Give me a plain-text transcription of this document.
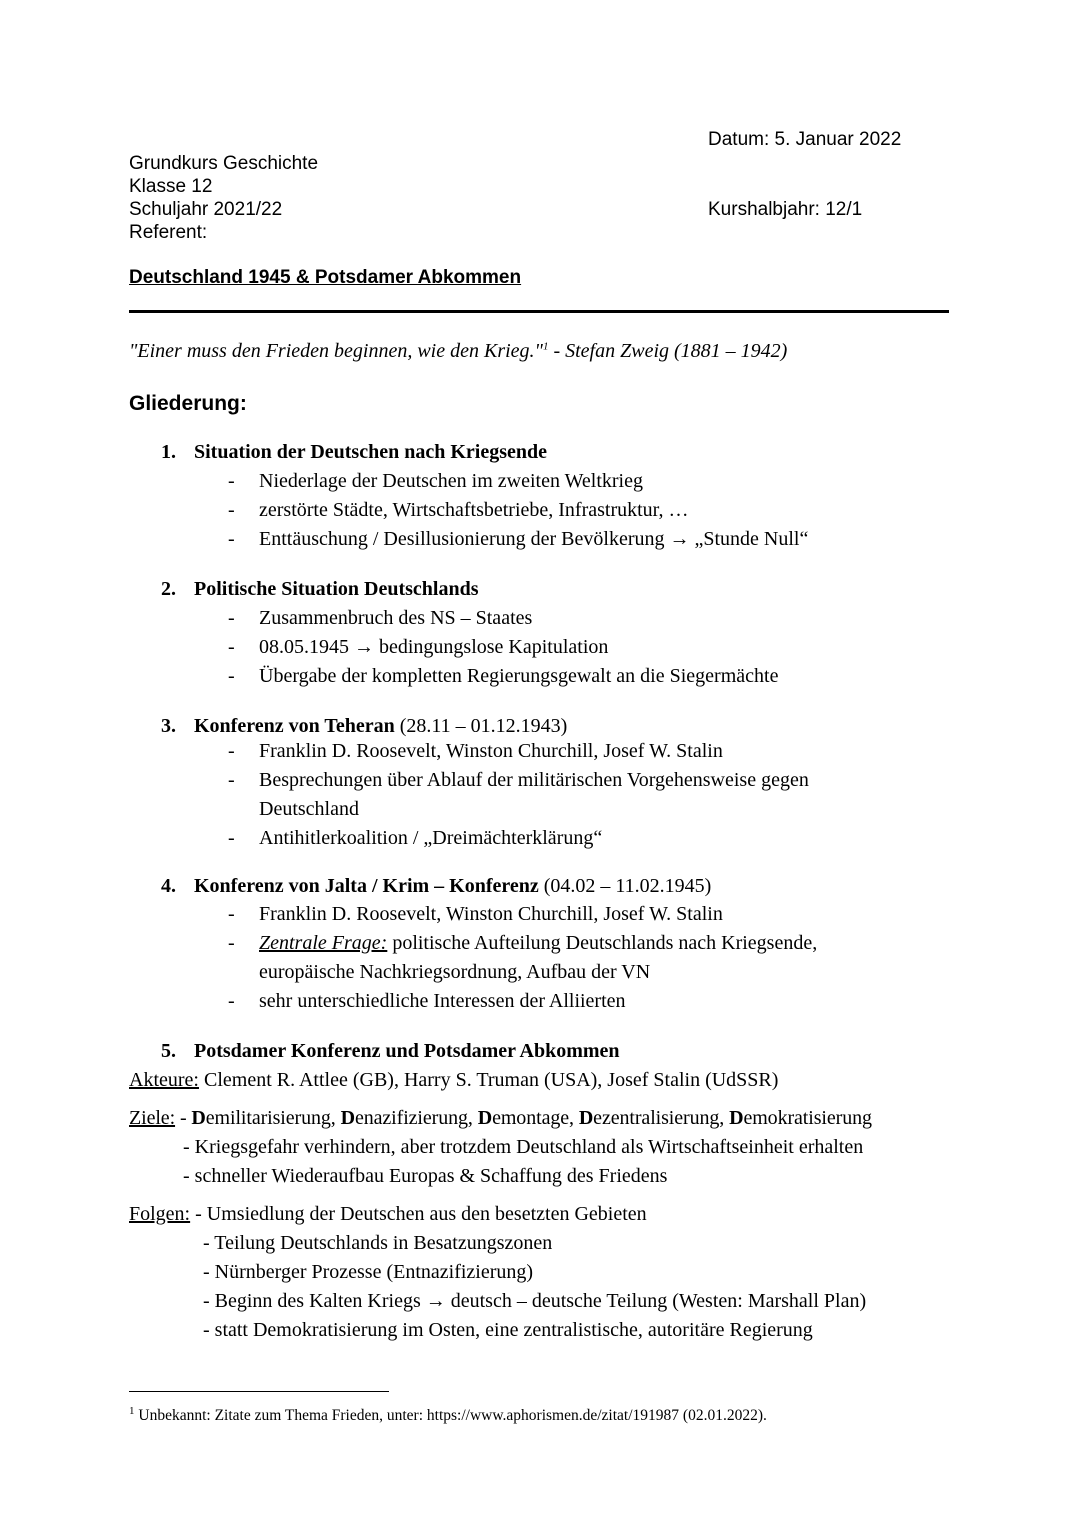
Datum: 5. Januar 2022
Grundkurs Geschichte
Klasse 12
Schuljahr 2021/22	Kurshalbjahr: 12/1
Referent:
Deutschland 1945 & Potsdamer Abkommen
"Einer muss den Frieden beginnen, wie den Krieg."$^1$ - Stefan Zweig (1881 – 1942)
Gliederung:
1. Situation der Deutschen nach Kriegsende
- Niederlage der Deutschen im zweiten Weltkrieg
- zerstörte Städte, Wirtschaftsbetriebe, Infrastruktur, …
- Enttäuschung / Desillusionierung der Bevölkerung → „Stunde Null“
2. Politische Situation Deutschlands
- Zusammenbruch des NS – Staates
- 08.05.1945 → bedingungslose Kapitulation
- Übergabe der kompletten Regierungsgewalt an die Siegermächte
3. Konferenz von Teheran (28.11 – 01.12.1943)
- Franklin D. Roosevelt, Winston Churchill, Josef W. Stalin
- Besprechungen über Ablauf der militärischen Vorgehensweise gegen
Deutschland
- Antihitlerkoalition / „Dreimächterklärung“
4. Konferenz von Jalta / Krim – Konferenz (04.02 – 11.02.1945)
- Franklin D. Roosevelt, Winston Churchill, Josef W. Stalin
- Zentrale Frage: politische Aufteilung Deutschlands nach Kriegsende,
europäische Nachkriegsordnung, Aufbau der VN
- sehr unterschiedliche Interessen der Alliierten
5. Potsdamer Konferenz und Potsdamer Abkommen
Akteure: Clement R. Attlee (GB), Harry S. Truman (USA), Josef Stalin (UdSSR)
Ziele: - Demilitarisierung, Denazifizierung, Demontage, Dezentralisierung, Demokratisierung
- Kriegsgefahr verhindern, aber trotzdem Deutschland als Wirtschaftseinheit erhalten
- schneller Wiederaufbau Europas & Schaffung des Friedens
Folgen: - Umsiedlung der Deutschen aus den besetzten Gebieten
- Teilung Deutschlands in Besatzungszonen
- Nürnberger Prozesse (Entnazifizierung)
- Beginn des Kalten Kriegs → deutsch – deutsche Teilung (Westen: Marshall Plan)
- statt Demokratisierung im Osten, eine zentralistische, autoritäre Regierung
$^1$ Unbekannt: Zitate zum Thema Frieden, unter: https://www.aphorismen.de/zitat/191987 (02.01.2022).
